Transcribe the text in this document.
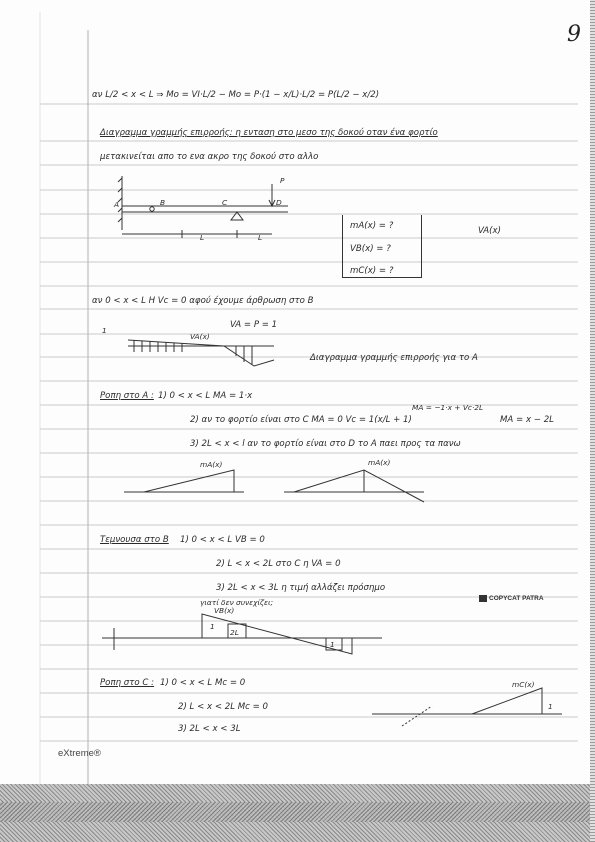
9
αν L/2 < x < L ⇒ Mo = VI·L/2 − Mo = P·(1 − x/L)·L/2 = P(L/2 − x/2)
Διαγραμμα γραμμής επιρροής: η ενταση στο μεσο της δοκού οταν ένα φορτίο
μετακινείται απο το ενα ακρο της δοκού στο αλλο
A	B	C	D
P
L	L
mA(x) = ?
VB(x) = ?
mC(x) = ?
VA(x)
αν 0 < x < L H Vc = 0 αφού έχουμε άρθρωση στο B
VA = P = 1
1
VA(x)
Διαγραμμα γραμμής επιρροής για το A
Ροπη στο A : 1) 0 < x < L MA = 1·x
2) αν το φορτίο είναι στο C MA = 0 Vc = 1(x/L + 1)
MA = −1·x + Vc·2L
MA = x − 2L
3) 2L < x < l αν το φορτίο είναι στο D το A παει προς τα πανω
mA(x)	mA(x)
Τεμνουσα στο B 1) 0 < x < L VB = 0
2) L < x < 2L στο C η VA = 0
3) 2L < x < 3L η τιμή αλλάζει πρόσημο
γιατί δεν συνεχίζει;	COPYCAT PATRA
VB(x)
1
2L
1
Ροπη στο C : 1) 0 < x < L Mc = 0
2) L < x < 2L Mc = 0
3) 2L < x < 3L
mC(x)
1
eXtreme®
